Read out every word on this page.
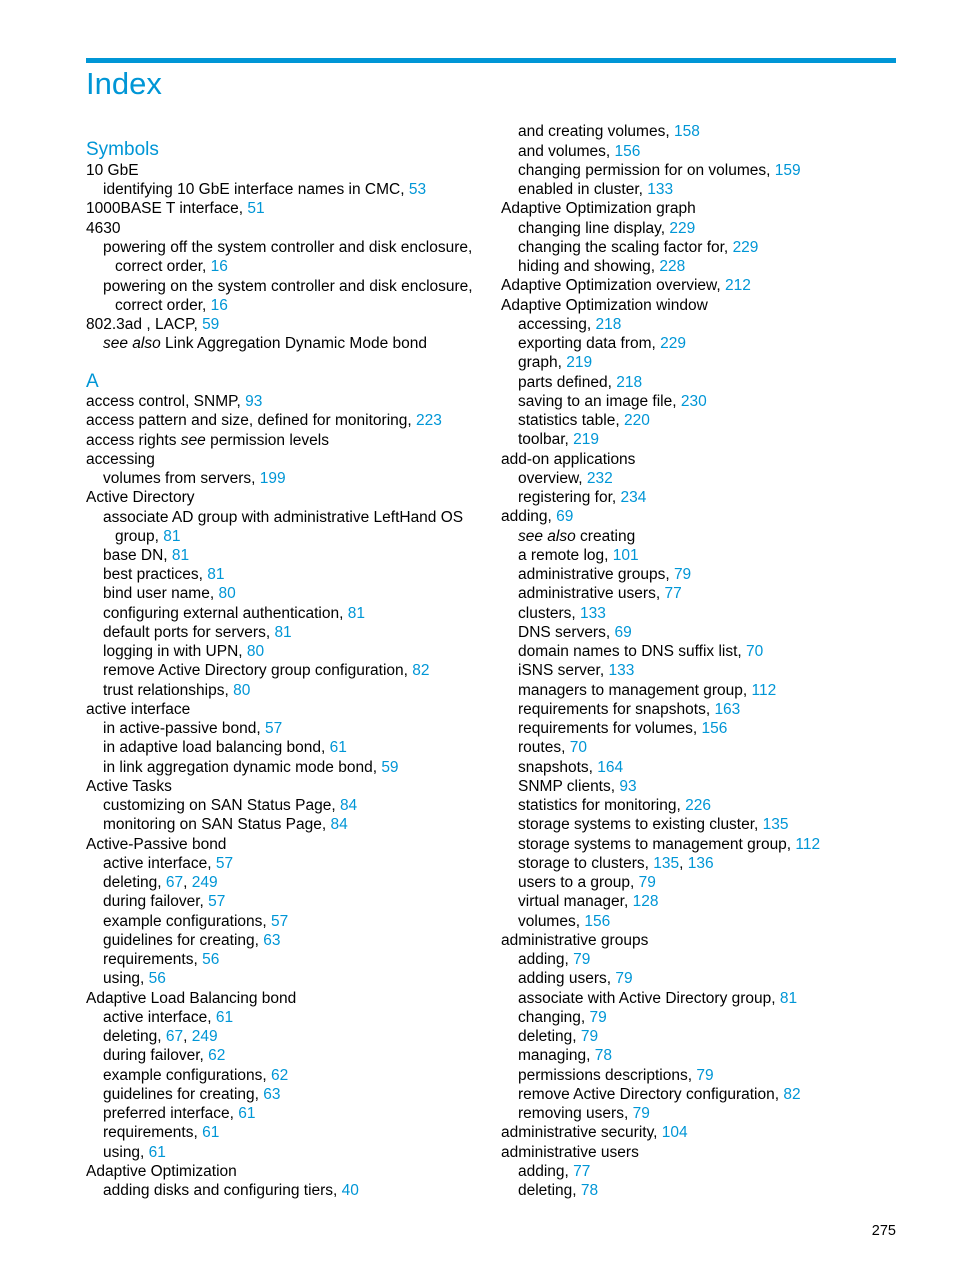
Index
Symbols
10 GbE
identifying 10 GbE interface names in CMC, 53
1000BASE T interface, 51
4630
powering off the system controller and disk enclosure,
correct order, 16
powering on the system controller and disk enclosure,
correct order, 16
802.3ad , LACP, 59
see also Link Aggregation Dynamic Mode bond
A
access control, SNMP, 93
access pattern and size, defined for monitoring, 223
access rights see permission levels
accessing
volumes from servers, 199
Active Directory
associate AD group with administrative LeftHand OS
group, 81
base DN, 81
best practices, 81
bind user name, 80
configuring external authentication, 81
default ports for servers, 81
logging in with UPN, 80
remove Active Directory group configuration, 82
trust relationships, 80
active interface
in active-passive bond, 57
in adaptive load balancing bond, 61
in link aggregation dynamic mode bond, 59
Active Tasks
customizing on SAN Status Page, 84
monitoring on SAN Status Page, 84
Active-Passive bond
active interface, 57
deleting, 67, 249
during failover, 57
example configurations, 57
guidelines for creating, 63
requirements, 56
using, 56
Adaptive Load Balancing bond
active interface, 61
deleting, 67, 249
during failover, 62
example configurations, 62
guidelines for creating, 63
preferred interface, 61
requirements, 61
using, 61
Adaptive Optimization
adding disks and configuring tiers, 40
and creating volumes, 158
and volumes, 156
changing permission for on volumes, 159
enabled in cluster, 133
Adaptive Optimization graph
changing line display, 229
changing the scaling factor for, 229
hiding and showing, 228
Adaptive Optimization overview, 212
Adaptive Optimization window
accessing, 218
exporting data from, 229
graph, 219
parts defined, 218
saving to an image file, 230
statistics table, 220
toolbar, 219
add-on applications
overview, 232
registering for, 234
adding, 69
see also creating
a remote log, 101
administrative groups, 79
administrative users, 77
clusters, 133
DNS servers, 69
domain names to DNS suffix list, 70
iSNS server, 133
managers to management group, 112
requirements for snapshots, 163
requirements for volumes, 156
routes, 70
snapshots, 164
SNMP clients, 93
statistics for monitoring, 226
storage systems to existing cluster, 135
storage systems to management group, 112
storage to clusters, 135, 136
users to a group, 79
virtual manager, 128
volumes, 156
administrative groups
adding, 79
adding users, 79
associate with Active Directory group, 81
changing, 79
deleting, 79
managing, 78
permissions descriptions, 79
remove Active Directory configuration, 82
removing users, 79
administrative security, 104
administrative users
adding, 77
deleting, 78
275
